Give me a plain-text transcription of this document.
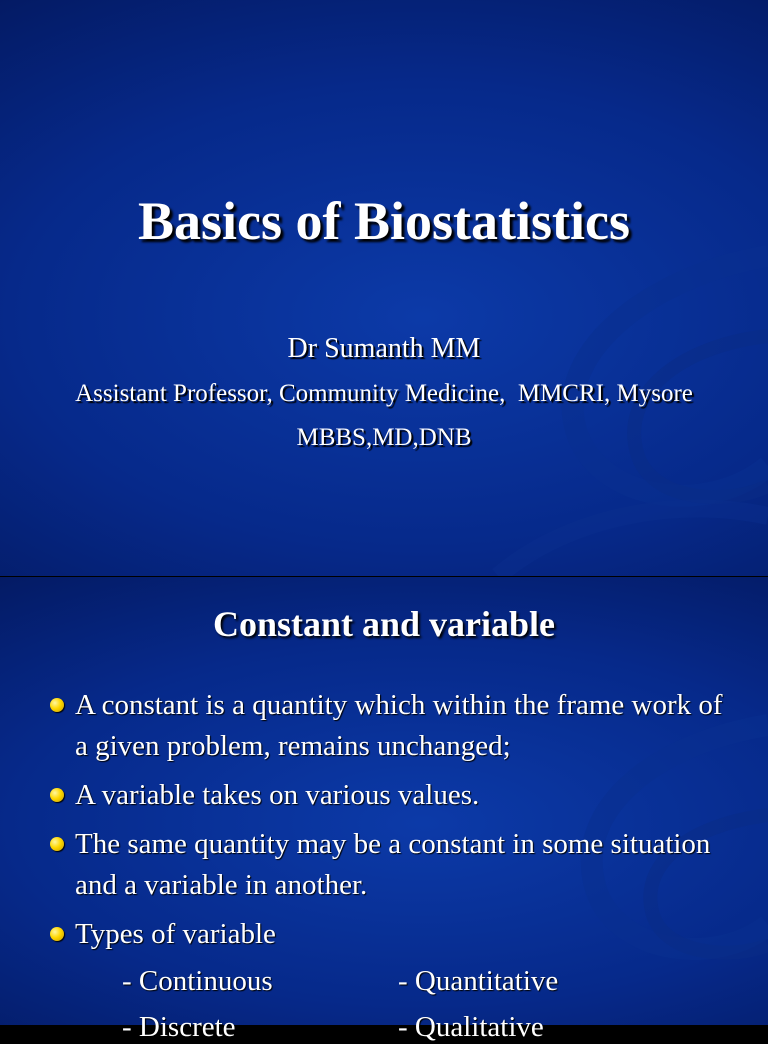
Basics of Biostatistics
Dr Sumanth MM
Assistant Professor, Community Medicine,  MMCRI, Mysore
MBBS,MD,DNB
Constant and variable
A constant is a quantity which within the frame work of a given problem, remains unchanged;
A variable takes on various values.
The same quantity may be a constant in some situation and a variable in another.
Types of variable
- Continuous	- Quantitative
- Discrete	- Qualitative
